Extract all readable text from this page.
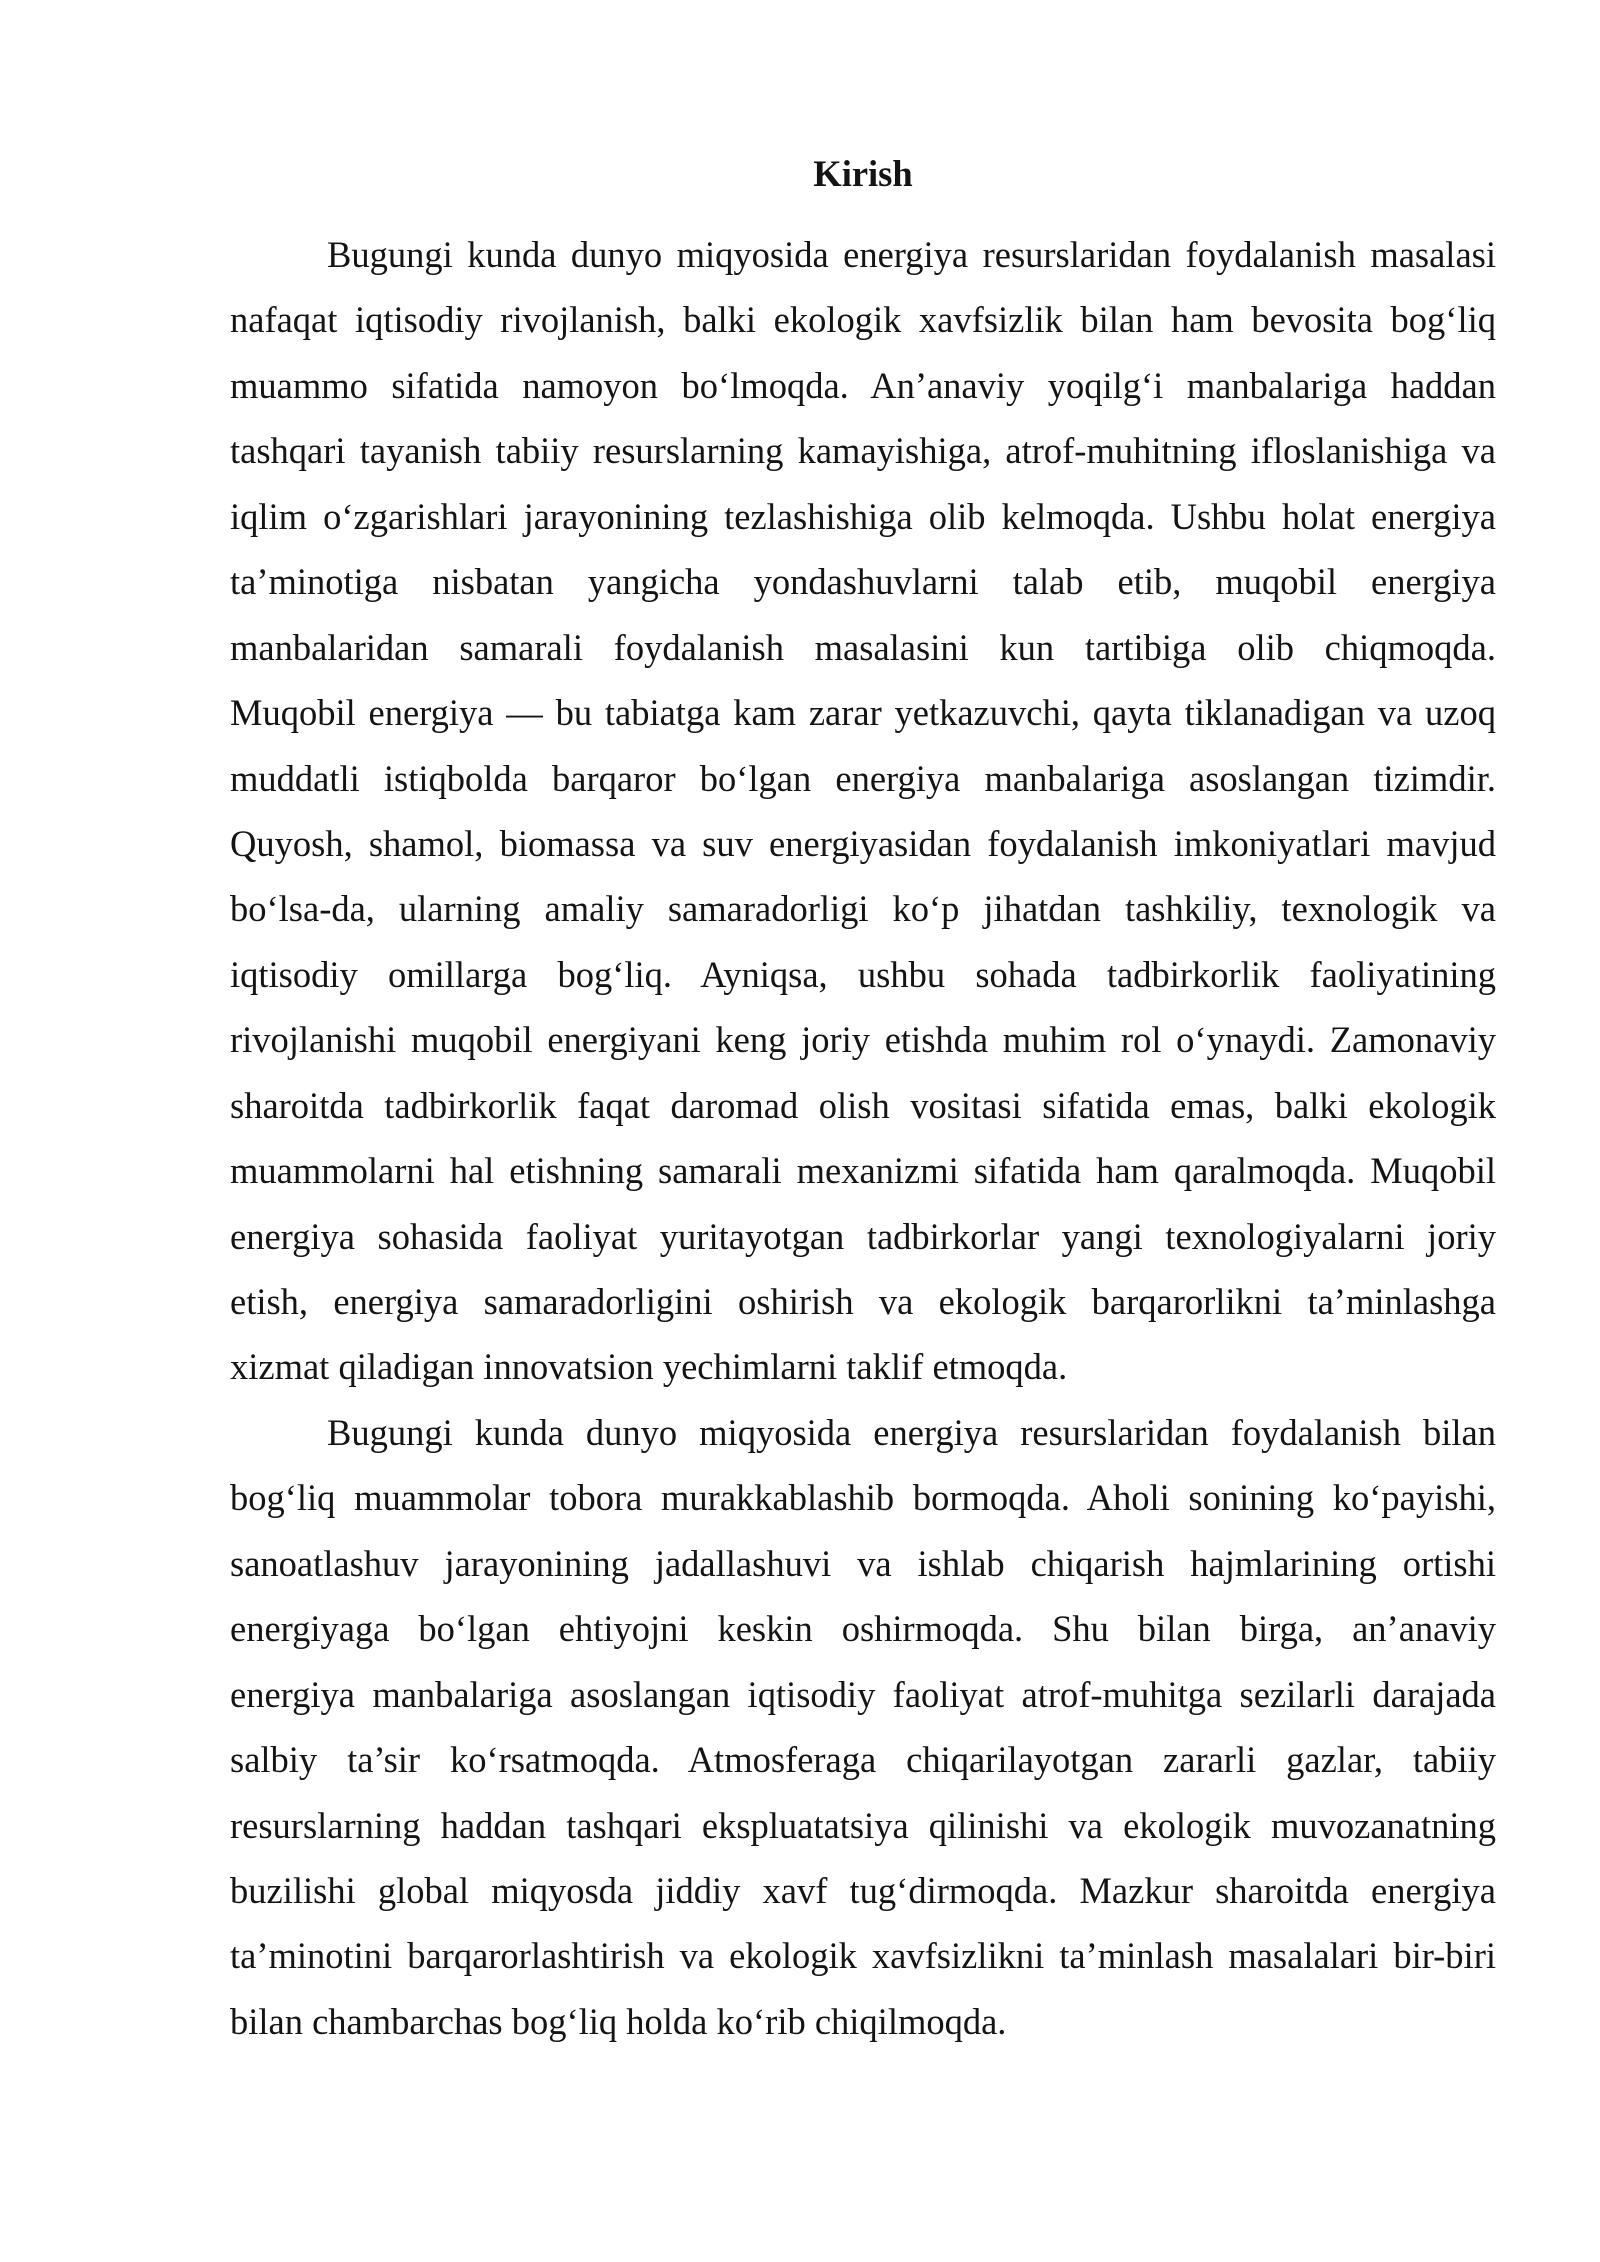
Kirish
Bugungi kunda dunyo miqyosida energiya resurslaridan foydalanish masalasi
nafaqat iqtisodiy rivojlanish, balki ekologik xavfsizlik bilan ham bevosita bog‘liq
muammo sifatida namoyon bo‘lmoqda. An’anaviy yoqilg‘i manbalariga haddan
tashqari tayanish tabiiy resurslarning kamayishiga, atrof-muhitning ifloslanishiga va
iqlim o‘zgarishlari jarayonining tezlashishiga olib kelmoqda. Ushbu holat energiya
ta’minotiga nisbatan yangicha yondashuvlarni talab etib, muqobil energiya
manbalaridan samarali foydalanish masalasini kun tartibiga olib chiqmoqda.
Muqobil energiya — bu tabiatga kam zarar yetkazuvchi, qayta tiklanadigan va uzoq
muddatli istiqbolda barqaror bo‘lgan energiya manbalariga asoslangan tizimdir.
Quyosh, shamol, biomassa va suv energiyasidan foydalanish imkoniyatlari mavjud
bo‘lsa-da, ularning amaliy samaradorligi ko‘p jihatdan tashkiliy, texnologik va
iqtisodiy omillarga bog‘liq. Ayniqsa, ushbu sohada tadbirkorlik faoliyatining
rivojlanishi muqobil energiyani keng joriy etishda muhim rol o‘ynaydi. Zamonaviy
sharoitda tadbirkorlik faqat daromad olish vositasi sifatida emas, balki ekologik
muammolarni hal etishning samarali mexanizmi sifatida ham qaralmoqda. Muqobil
energiya sohasida faoliyat yuritayotgan tadbirkorlar yangi texnologiyalarni joriy
etish, energiya samaradorligini oshirish va ekologik barqarorlikni ta’minlashga
xizmat qiladigan innovatsion yechimlarni taklif etmoqda.
Bugungi kunda dunyo miqyosida energiya resurslaridan foydalanish bilan
bog‘liq muammolar tobora murakkablashib bormoqda. Aholi sonining ko‘payishi,
sanoatlashuv jarayonining jadallashuvi va ishlab chiqarish hajmlarining ortishi
energiyaga bo‘lgan ehtiyojni keskin oshirmoqda. Shu bilan birga, an’anaviy
energiya manbalariga asoslangan iqtisodiy faoliyat atrof-muhitga sezilarli darajada
salbiy ta’sir ko‘rsatmoqda. Atmosferaga chiqarilayotgan zararli gazlar, tabiiy
resurslarning haddan tashqari ekspluatatsiya qilinishi va ekologik muvozanatning
buzilishi global miqyosda jiddiy xavf tug‘dirmoqda. Mazkur sharoitda energiya
ta’minotini barqarorlashtirish va ekologik xavfsizlikni ta’minlash masalalari bir-biri
bilan chambarchas bog‘liq holda ko‘rib chiqilmoqda.
